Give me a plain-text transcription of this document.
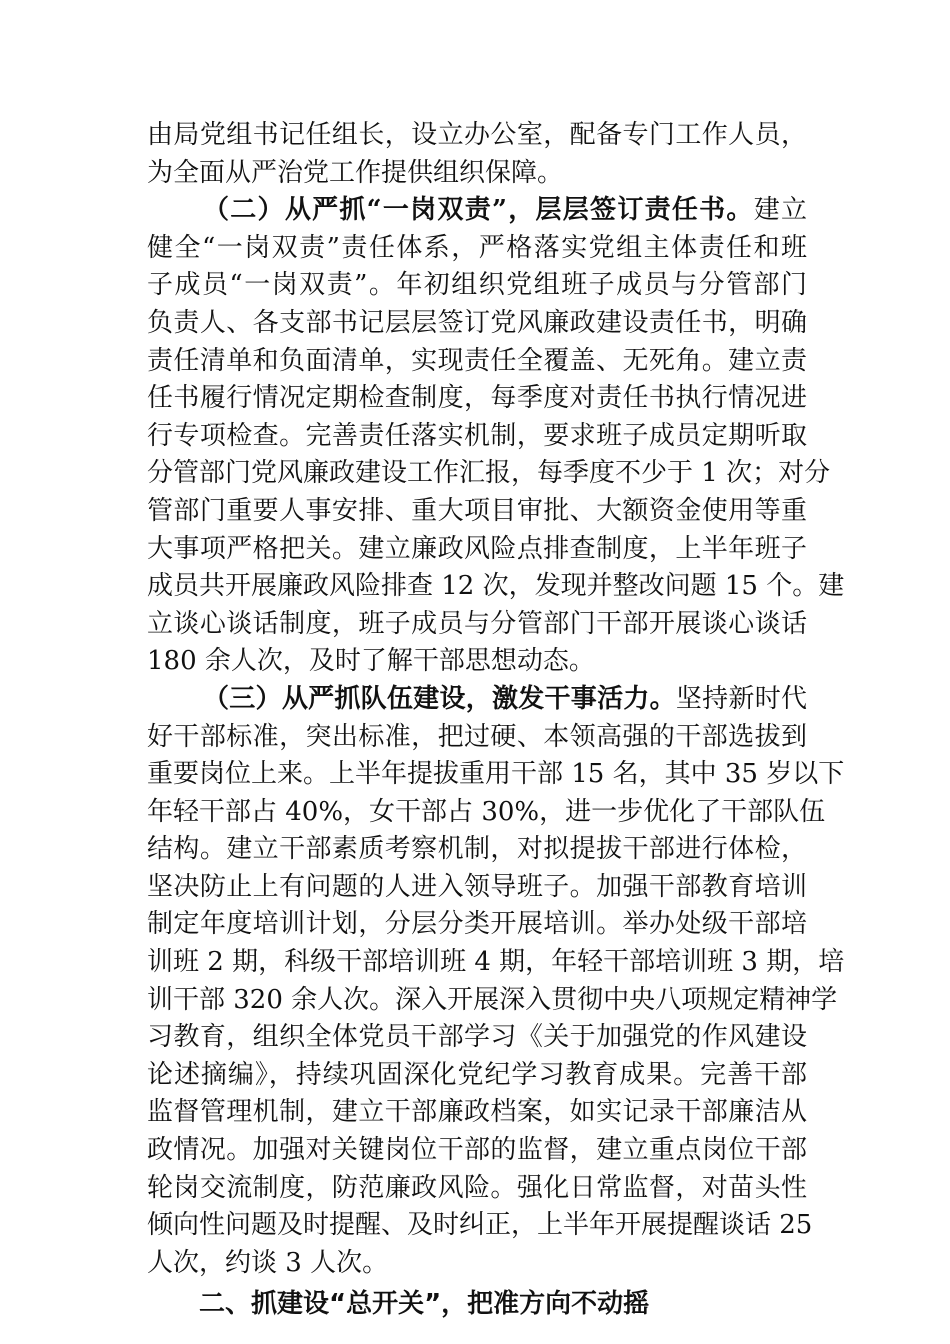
由局党组书记任组长，设立办公室，配备专门工作人员，
为全面从严治党工作提供组织保障。
（二）从严抓“一岗双责”，层层签订责任书。建立
健全“一岗双责”责任体系，严格落实党组主体责任和班
子成员“一岗双责”。年初组织党组班子成员与分管部门
负责人、各支部书记层层签订党风廉政建设责任书，明确
责任清单和负面清单，实现责任全覆盖、无死角。建立责
任书履行情况定期检查制度，每季度对责任书执行情况进
行专项检查。完善责任落实机制，要求班子成员定期听取
分管部门党风廉政建设工作汇报，每季度不少于 1 次；对分
管部门重要人事安排、重大项目审批、大额资金使用等重
大事项严格把关。建立廉政风险点排查制度，上半年班子
成员共开展廉政风险排查 12 次，发现并整改问题 15 个。建
立谈心谈话制度，班子成员与分管部门干部开展谈心谈话
180 余人次，及时了解干部思想动态。
（三）从严抓队伍建设，激发干事活力。坚持新时代
好干部标准，突出标准，把过硬、本领高强的干部选拔到
重要岗位上来。上半年提拔重用干部 15 名，其中 35 岁以下
年轻干部占 40%，女干部占 30%，进一步优化了干部队伍
结构。建立干部素质考察机制，对拟提拔干部进行体检，
坚决防止上有问题的人进入领导班子。加强干部教育培训
制定年度培训计划，分层分类开展培训。举办处级干部培
训班 2 期，科级干部培训班 4 期，年轻干部培训班 3 期，培
训干部 320 余人次。深入开展深入贯彻中央八项规定精神学
习教育，组织全体党员干部学习《关于加强党的作风建设
论述摘编》，持续巩固深化党纪学习教育成果。完善干部
监督管理机制，建立干部廉政档案，如实记录干部廉洁从
政情况。加强对关键岗位干部的监督，建立重点岗位干部
轮岗交流制度，防范廉政风险。强化日常监督，对苗头性
倾向性问题及时提醒、及时纠正，上半年开展提醒谈话 25
人次，约谈 3 人次。
二、抓建设“总开关”，把准方向不动摇
